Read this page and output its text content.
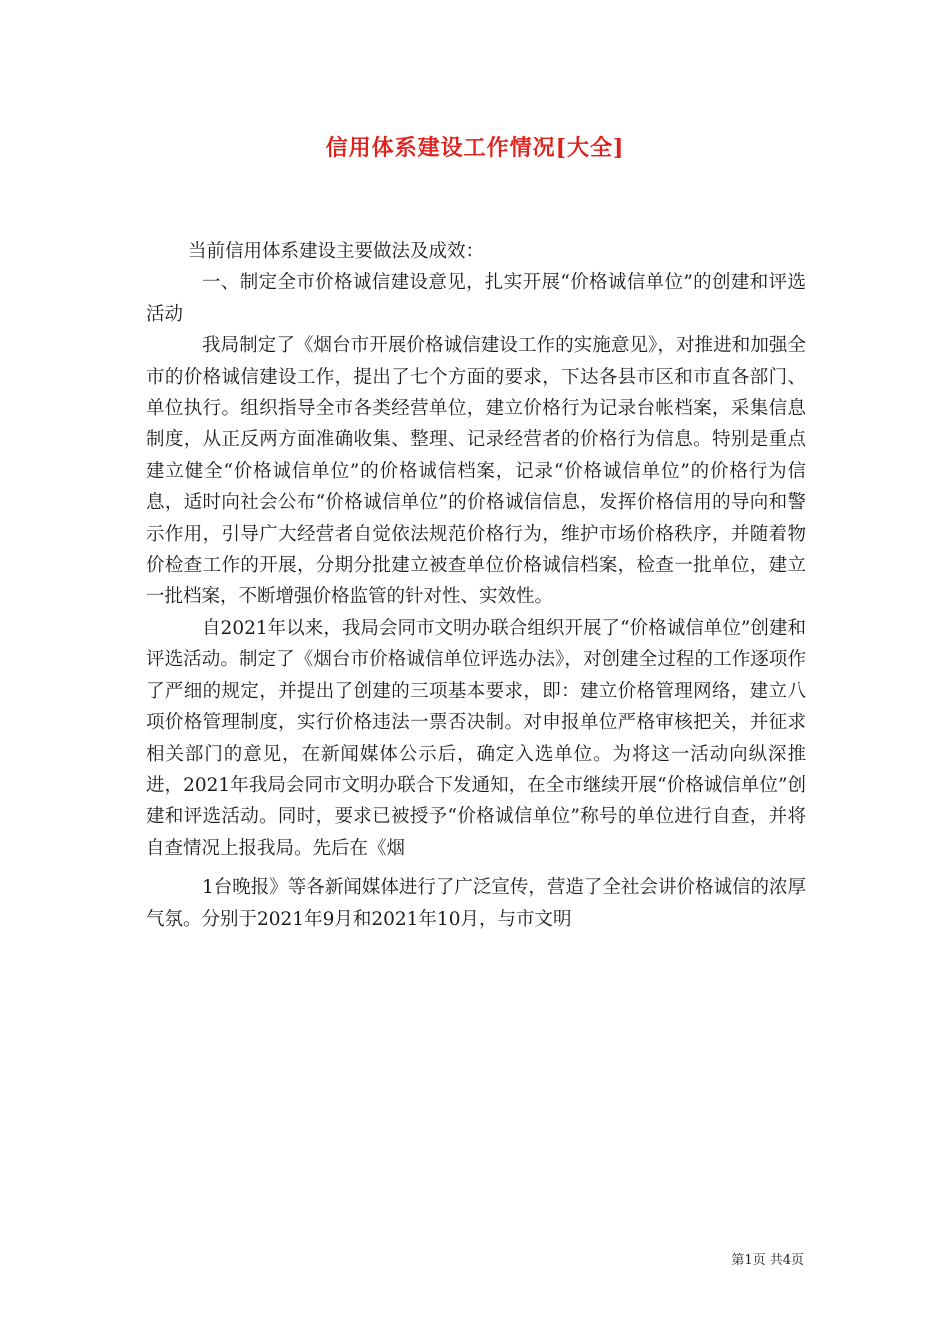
信用体系建设工作情况[大全]

当前信用体系建设主要做法及成效：

一、制定全市价格诚信建设意见，扎实开展“价格诚信单位”的创建和评选活动

我局制定了《烟台市开展价格诚信建设工作的实施意见》，对推进和加强全市的价格诚信建设工作，提出了七个方面的要求，下达各县市区和市直各部门、单位执行。组织指导全市各类经营单位，建立价格行为记录台帐档案，采集信息制度，从正反两方面准确收集、整理、记录经营者的价格行为信息。特别是重点建立健全“价格诚信单位”的价格诚信档案，记录“价格诚信单位”的价格行为信息，适时向社会公布“价格诚信单位”的价格诚信信息，发挥价格信用的导向和警示作用，引导广大经营者自觉依法规范价格行为，维护市场价格秩序，并随着物价检查工作的开展，分期分批建立被查单位价格诚信档案，检查一批单位，建立一批档案，不断增强价格监管的针对性、实效性。

自2021年以来，我局会同市文明办联合组织开展了“价格诚信单位”创建和评选活动。制定了《烟台市价格诚信单位评选办法》，对创建全过程的工作逐项作了严细的规定，并提出了创建的三项基本要求，即：建立价格管理网络，建立八项价格管理制度，实行价格违法一票否决制。对申报单位严格审核把关，并征求相关部门的意见，在新闻媒体公示后，确定入选单位。为将这一活动向纵深推进，2021年我局会同市文明办联合下发通知，在全市继续开展“价格诚信单位”创建和评选活动。同时，要求已被授予“价格诚信单位”称号的单位进行自查，并将自查情况上报我局。先后在《烟

1台晚报》等各新闻媒体进行了广泛宣传，营造了全社会讲价格诚信的浓厚气氛。分别于2021年9月和2021年10月，与市文明

第1页 共4页
